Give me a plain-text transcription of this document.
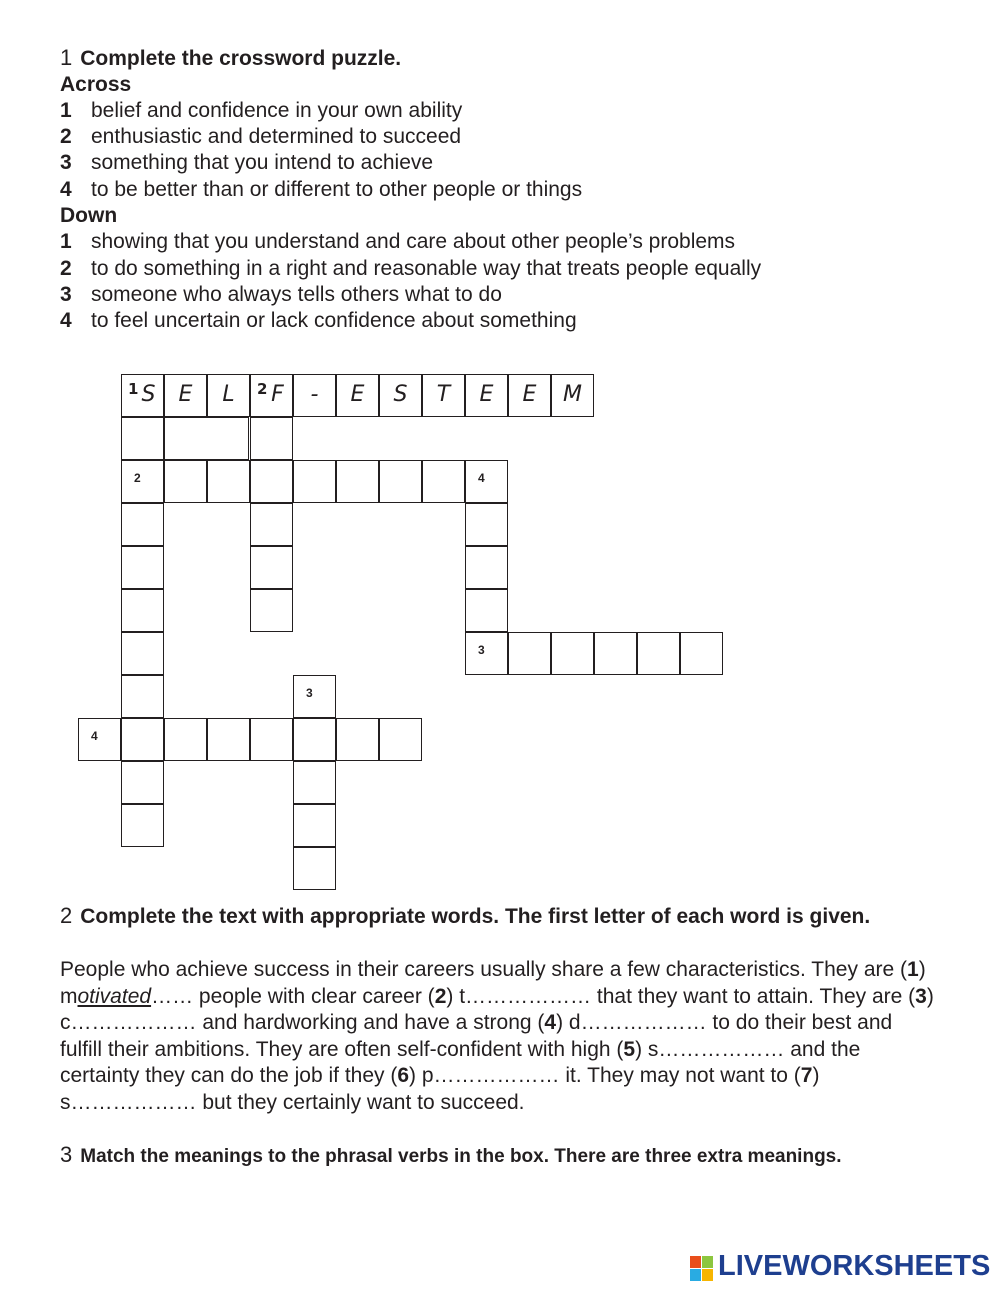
1 Complete the crossword puzzle.
Across
1 belief and confidence in your own ability
2 enthusiastic and determined to succeed
3 something that you intend to achieve
4 to be better than or different to other people or things
Down
1 showing that you understand and care about other people’s problems
2 to do something in a right and reasonable way that treats people equally
3 someone who always tells others what to do
4 to feel uncertain or lack confidence about something
1 S	E	L	2 F	-	E	S	T	E	E	M
2	4
3
4
3
2 Complete the text with appropriate words. The first letter of each word is given.
People who achieve success in their careers usually share a few characteristics. They are (1) motivated…… people with clear career (2) t……………… that they want to attain. They are (3) c……………… and hardworking and have a strong (4) d……………… to do their best and fulfill their ambitions. They are often self-confident with high (5) s……………… and the certainty they can do the job if they (6) p……………… it. They may not want to (7) s……………… but they certainly want to succeed.
3 Match the meanings to the phrasal verbs in the box. There are three extra meanings.
LIVEWORKSHEETS
